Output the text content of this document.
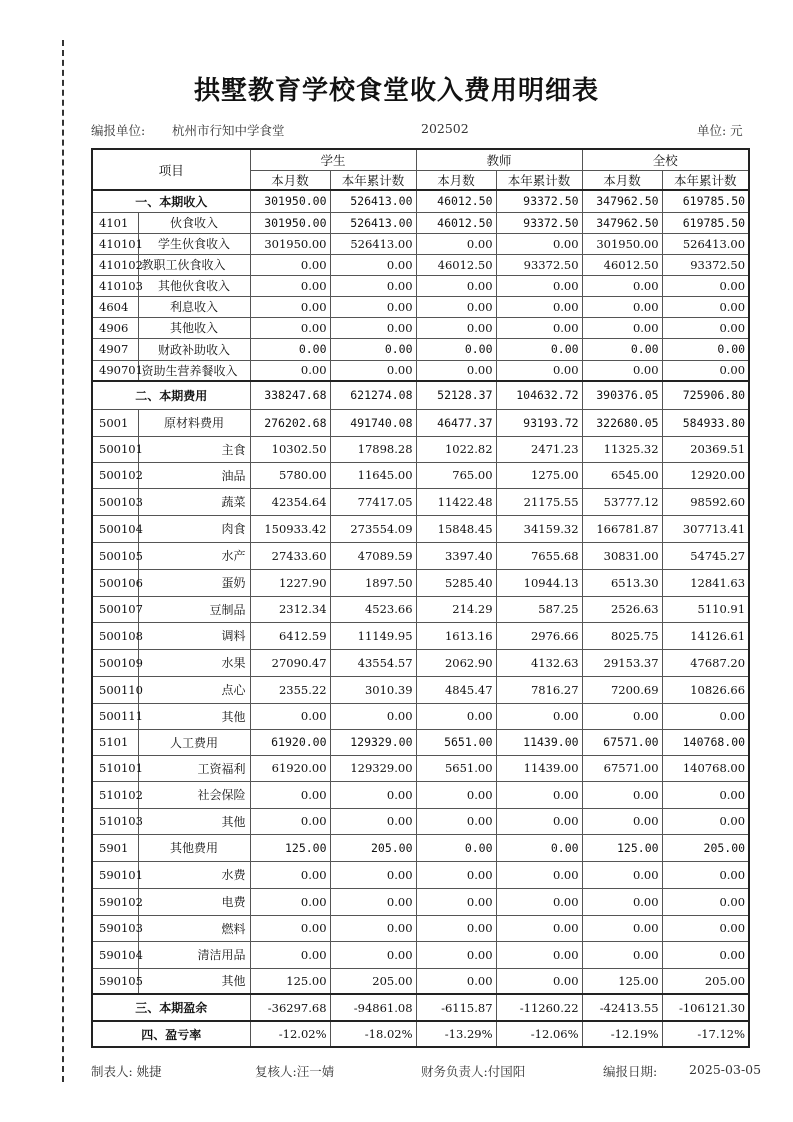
拱墅教育学校食堂收入费用明细表
编报单位: 杭州市行知中学食堂	202502	单位: 元
项目		学生		教师		全校	
		本月数	本年累计数	本月数	本年累计数	本月数	本年累计数
一、本期收入		301950.00	526413.00	46012.50	93372.50	347962.50	619785.50
4101	伙食收入	301950.00	526413.00	46012.50	93372.50	347962.50	619785.50
410101	学生伙食收入	301950.00	526413.00	0.00	0.00	301950.00	526413.00
410102	教职工伙食收入	0.00	0.00	46012.50	93372.50	46012.50	93372.50
410103	其他伙食收入	0.00	0.00	0.00	0.00	0.00	0.00
4604	利息收入	0.00	0.00	0.00	0.00	0.00	0.00
4906	其他收入	0.00	0.00	0.00	0.00	0.00	0.00
4907	财政补助收入	0.00	0.00	0.00	0.00	0.00	0.00
490701	资助生营养餐收入	0.00	0.00	0.00	0.00	0.00	0.00
二、本期费用		338247.68	621274.08	52128.37	104632.72	390376.05	725906.80
5001	原材料费用	276202.68	491740.08	46477.37	93193.72	322680.05	584933.80
500101	主食	10302.50	17898.28	1022.82	2471.23	11325.32	20369.51
500102	油品	5780.00	11645.00	765.00	1275.00	6545.00	12920.00
500103	蔬菜	42354.64	77417.05	11422.48	21175.55	53777.12	98592.60
500104	肉食	150933.42	273554.09	15848.45	34159.32	166781.87	307713.41
500105	水产	27433.60	47089.59	3397.40	7655.68	30831.00	54745.27
500106	蛋奶	1227.90	1897.50	5285.40	10944.13	6513.30	12841.63
500107	豆制品	2312.34	4523.66	214.29	587.25	2526.63	5110.91
500108	调料	6412.59	11149.95	1613.16	2976.66	8025.75	14126.61
500109	水果	27090.47	43554.57	2062.90	4132.63	29153.37	47687.20
500110	点心	2355.22	3010.39	4845.47	7816.27	7200.69	10826.66
500111	其他	0.00	0.00	0.00	0.00	0.00	0.00
5101	人工费用	61920.00	129329.00	5651.00	11439.00	67571.00	140768.00
510101	工资福利	61920.00	129329.00	5651.00	11439.00	67571.00	140768.00
510102	社会保险	0.00	0.00	0.00	0.00	0.00	0.00
510103	其他	0.00	0.00	0.00	0.00	0.00	0.00
5901	其他费用	125.00	205.00	0.00	0.00	125.00	205.00
590101	水费	0.00	0.00	0.00	0.00	0.00	0.00
590102	电费	0.00	0.00	0.00	0.00	0.00	0.00
590103	燃料	0.00	0.00	0.00	0.00	0.00	0.00
590104	清洁用品	0.00	0.00	0.00	0.00	0.00	0.00
590105	其他	125.00	205.00	0.00	0.00	125.00	205.00
三、本期盈余		-36297.68	-94861.08	-6115.87	-11260.22	-42413.55	-106121.30
四、盈亏率		-12.02%	-18.02%	-13.29%	-12.06%	-12.19%	-17.12%
制表人: 姚捷	复核人:汪一婧	财务负责人:付国阳	编报日期:	2025-03-05
